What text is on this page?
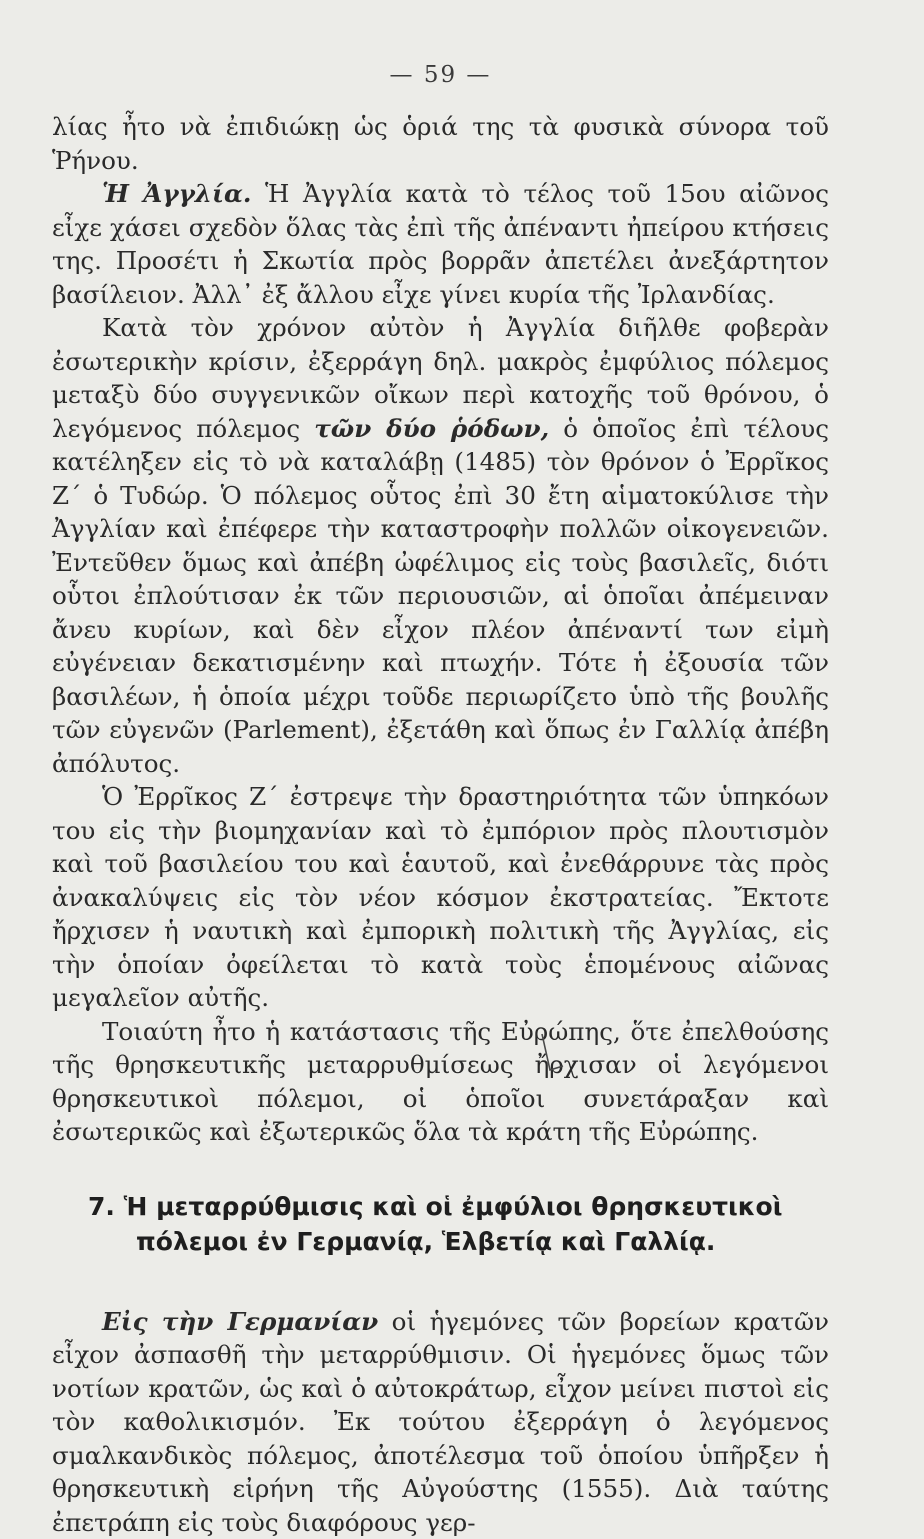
— 59 —

λίας ἦτο νὰ ἐπιδιώκῃ ὡς ὁριά της τὰ φυσικὰ σύνορα τοῦ Ῥήνου.

Ἡ Ἀγγλία. Ἡ Ἀγγλία κατὰ τὸ τέλος τοῦ 15ου αἰῶνος εἶχε χάσει σχεδὸν ὅλας τὰς ἐπὶ τῆς ἀπέναντι ἠπείρου κτήσεις της. Προσέτι ἡ Σκωτία πρὸς βορρᾶν ἀπετέλει ἀνεξάρτητον βασίλειον. Ἀλλ᾿ ἐξ ἄλλου εἶχε γίνει κυρία τῆς Ἰρλανδίας.

Κατὰ τὸν χρόνον αὐτὸν ἡ Ἀγγλία διῆλθε φοβερὰν ἐσωτερικὴν κρίσιν, ἐξερράγη δηλ. μακρὸς ἐμφύλιος πόλεμος μεταξὺ δύο συγγενικῶν οἴκων περὶ κατοχῆς τοῦ θρόνου, ὁ λεγόμενος πόλεμος τῶν δύο ῥόδων, ὁ ὁποῖος ἐπὶ τέλους κατέληξεν εἰς τὸ νὰ καταλάβῃ (1485) τὸν θρόνον ὁ Ἐρρῖκος Ζ΄ ὁ Τυδώρ. Ὁ πόλεμος οὗτος ἐπὶ 30 ἔτη αἱματοκύλισε τὴν Ἀγγλίαν καὶ ἐπέφερε τὴν καταστροφὴν πολλῶν οἰκογενειῶν. Ἐντεῦθεν ὅμως καὶ ἀπέβη ὠφέλιμος εἰς τοὺς βασιλεῖς, διότι οὗτοι ἐπλούτισαν ἐκ τῶν περιουσιῶν, αἱ ὁποῖαι ἀπέμειναν ἄνευ κυρίων, καὶ δὲν εἶχον πλέον ἀπέναντί των εἰμὴ εὐγένειαν δεκατισμένην καὶ πτωχήν. Τότε ἡ ἐξουσία τῶν βασιλέων, ἡ ὁποία μέχρι τοῦδε περιωρίζετο ὑπὸ τῆς βουλῆς τῶν εὐγενῶν (Parlement), ἐξετάθη καὶ ὅπως ἐν Γαλλίᾳ ἀπέβη ἀπόλυτος.

Ὁ Ἐρρῖκος Ζ΄ ἐστρεψε τὴν δραστηριότητα τῶν ὑπηκόων του εἰς τὴν βιομηχανίαν καὶ τὸ ἐμπόριον πρὸς πλουτισμὸν καὶ τοῦ βασιλείου του καὶ ἑαυτοῦ, καὶ ἐνεθάρρυνε τὰς πρὸς ἀνακαλύψεις εἰς τὸν νέον κόσμον ἐκστρατείας. Ἔκτοτε ἤρχισεν ἡ ναυτικὴ καὶ ἐμπορικὴ πολιτικὴ τῆς Ἀγγλίας, εἰς τὴν ὁποίαν ὀφείλεται τὸ κατὰ τοὺς ἑπομένους αἰῶνας μεγαλεῖον αὐτῆς.

Τοιαύτη ἦτο ἡ κατάστασις τῆς Εὐρώπης, ὅτε ἐπελθούσης τῆς θρησκευτικῆς μεταρρυθμίσεως ἤρχισαν οἱ λεγόμενοι θρησκευτικοὶ πόλεμοι, οἱ ὁποῖοι συνετάραξαν καὶ ἐσωτερικῶς καὶ ἐξωτερικῶς ὅλα τὰ κράτη τῆς Εὐρώπης.

7. Ἡ μεταρρύθμισις καὶ οἱ ἐμφύλιοι θρησκευτικοὶ
πόλεμοι ἐν Γερμανίᾳ, Ἑλβετίᾳ καὶ Γαλλίᾳ.

Εἰς τὴν Γερμανίαν οἱ ἡγεμόνες τῶν βορείων κρατῶν εἶχον ἀσπασθῆ τὴν μεταρρύθμισιν. Οἱ ἡγεμόνες ὅμως τῶν νοτίων κρατῶν, ὡς καὶ ὁ αὐτοκράτωρ, εἶχον μείνει πιστοὶ εἰς τὸν καθολικισμόν. Ἐκ τούτου ἐξερράγη ὁ λεγόμενος σμαλκανδικὸς πόλεμος, ἀποτέλεσμα τοῦ ὁποίου ὑπῆρξεν ἡ θρησκευτικὴ εἰρήνη τῆς Αὐγούστης (1555). Διὰ ταύτης ἐπετράπη εἰς τοὺς διαφόρους γερ-
